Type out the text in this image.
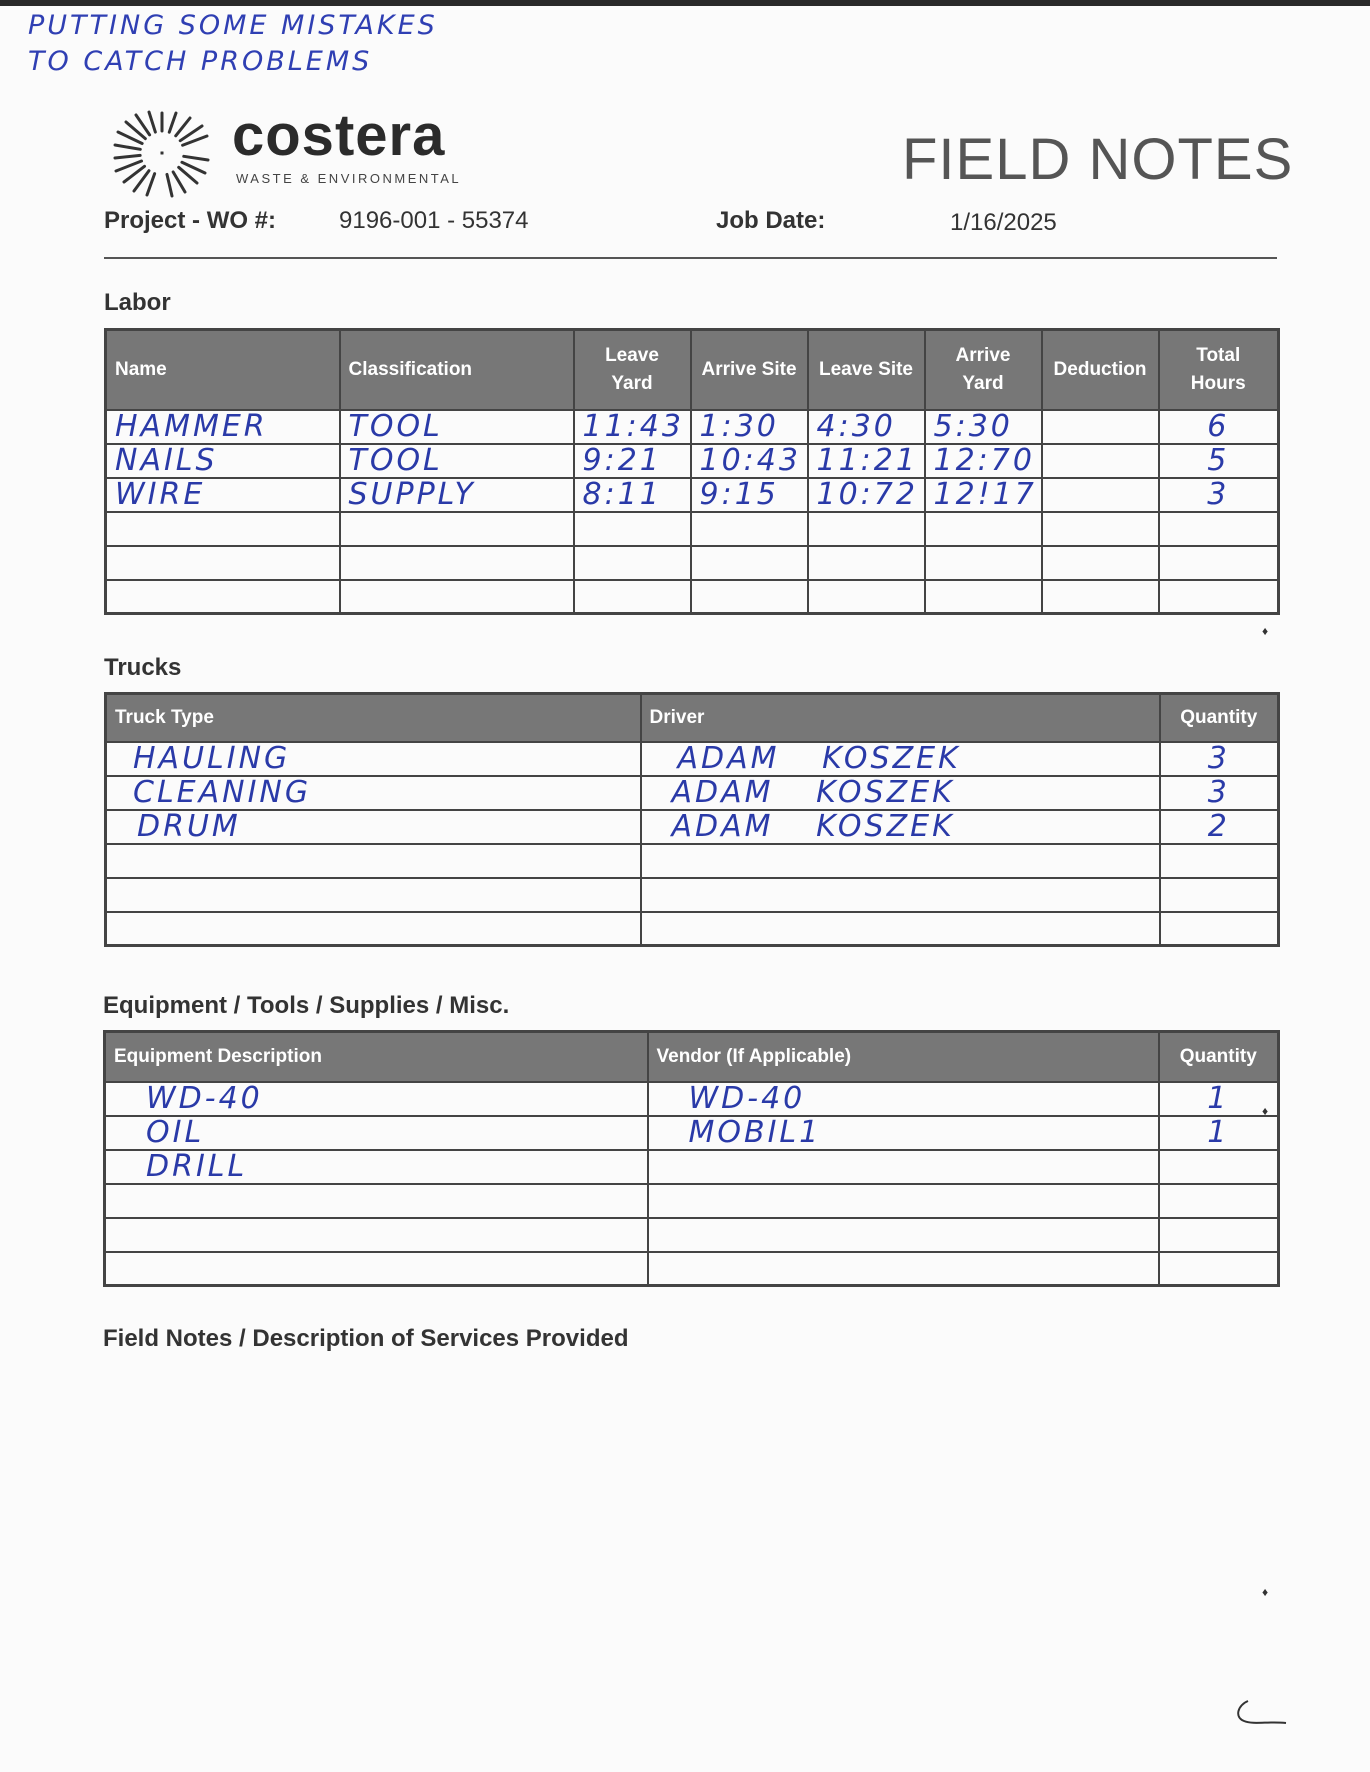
PUTTING SOME MISTAKES
TO CATCH PROBLEMS
costera
WASTE & ENVIRONMENTAL	FIELD NOTES
Project - WO #:	9196-001 - 55374	Job Date:	1/16/2025
Labor
Name	Classification	Leave Yard	Arrive Site	Leave Site	Arrive Yard	Deduction	Total Hours
HAMMER	TOOL	11:43	1:30	4:30	5:30		6
NAILS	TOOL	9:21	10:43	11:21	12:70		5
WIRE	SUPPLY	8:11	9:15	10:72	12!17		3

Trucks
Truck Type	Driver	Quantity
HAULING	ADAM KOSZEK	3
CLEANING	ADAM KOSZEK	3
DRUM	ADAM KOSZEK	2

Equipment / Tools / Supplies / Misc.
Equipment Description	Vendor (If Applicable)	Quantity
WD-40	WD-40	1
OIL	MOBIL1	1
DRILL		

Field Notes / Description of Services Provided
♦
♦
♦
